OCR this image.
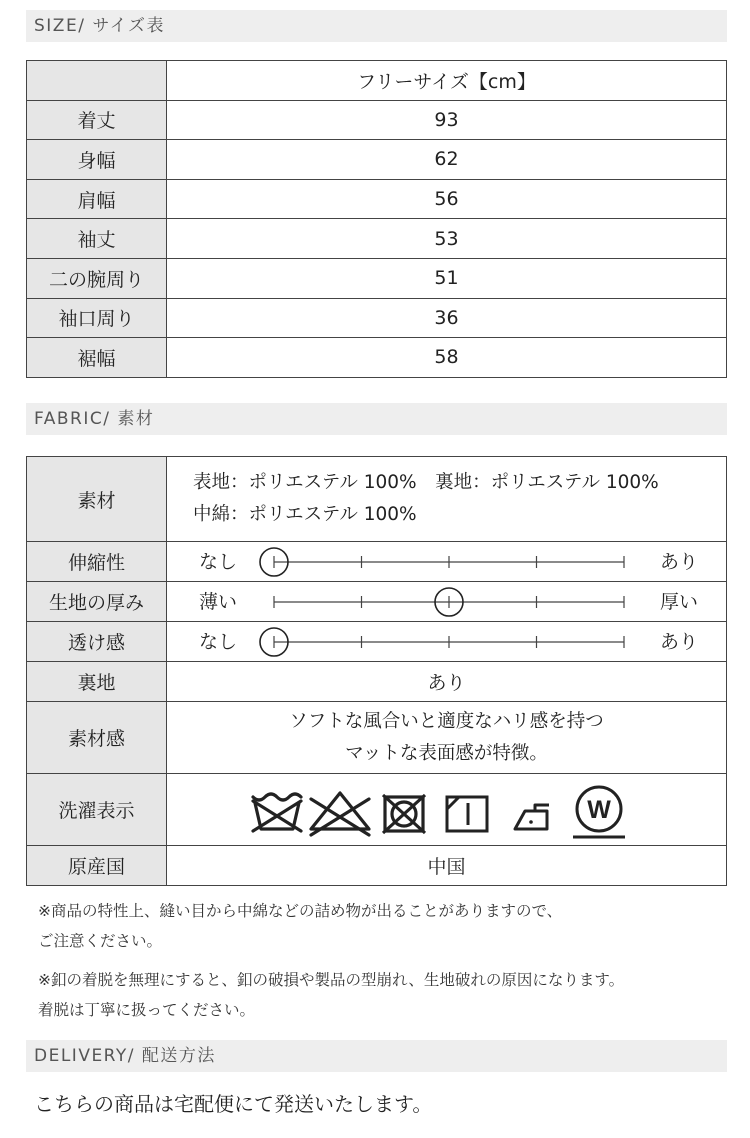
SIZE/ サイズ表
	フリーサイズ【cm】
着丈	93
身幅	62
肩幅	56
袖丈	53
二の腕周り	51
袖口周り	36
裾幅	58
FABRIC/ 素材
素材	表地：ポリエステル 100%　裏地：ポリエステル 100%
中綿：ポリエステル 100%

伸縮性	なし あり

生地の厚み	薄い 厚い

透け感	なし あり

裏地	あり
素材感	ソフトな風合いと適度なハリ感を持つ
マットな表面感が特徴。

洗濯表示	W

原産国	中国
※商品の特性上、縫い目から中綿などの詰め物が出ることがありますので、
ご注意ください。
※釦の着脱を無理にすると、釦の破損や製品の型崩れ、生地破れの原因になります。
着脱は丁寧に扱ってください。
DELIVERY/ 配送方法
こちらの商品は宅配便にて発送いたします。
